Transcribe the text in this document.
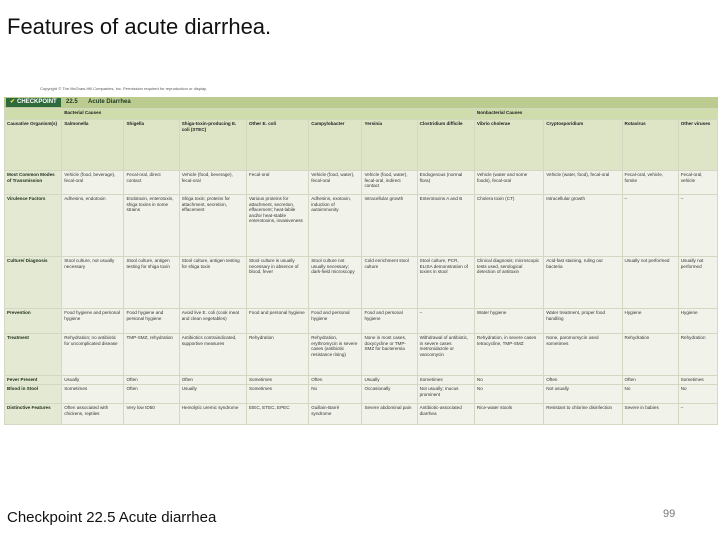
Features of acute diarrhea.
Copyright © The McGraw-Hill Companies, Inc. Permission required for reproduction or display.
✔ CHECKPOINT	22.5 Acute Diarrhea
	Bacterial Causes							Nonbacterial Causes			
Causative Organism(s)	Salmonella	Shigella	Shiga-toxin-producing E. coli (STEC)	Other E. coli	Campylobacter	Yersinia	Clostridium difficile	Vibrio cholerae	Cryptosporidium	Rotavirus	Other viruses
Most Common Modes of Transmission	Vehicle (food, beverage), fecal-oral	Fecal-oral, direct contact	Vehicle (food, beverage), fecal-oral	Fecal-oral	Vehicle (food, water), fecal-oral	Vehicle (food, water), fecal-oral, indirect contact	Endogenous (normal flora)	Vehicle (water and some foods), fecal-oral	Vehicle (water, food), fecal-oral	Fecal-oral, vehicle, fomite	Fecal-oral, vehicle
Virulence Factors	Adhesins, endotoxin	Endotoxin, enterotoxin, shiga toxins in some strains	Shiga toxin; proteins for attachment, secretion, effacement	Various proteins for attachment, secretion, effacement; heat-labile and/or heat-stable enterotoxins, invasiveness	Adhesins, exotoxin, induction of autoimmunity	Intracellular growth	Enterotoxins A and B	Cholera toxin (CT)	Intracellular growth	–	–
Culture/ Diagnosis	Stool culture, not usually necessary	Stool culture, antigen testing for shiga toxin	Stool culture, antigen testing for shiga toxin	Stool culture is usually necessary in absence of blood, fever	Stool culture not usually necessary; dark-field microscopy	Cold enrichment stool culture	Stool culture, PCR, ELISA demonstration of toxins in stool	Clinical diagnosis; microscopic tests used, serological detection of antitoxin	Acid-fast staining, ruling out bacteria	Usually not performed	Usually not performed
Prevention	Food hygiene and personal hygiene	Food hygiene and personal hygiene	Avoid live E. coli (cook meat and clean vegetables)	Food and personal hygiene	Food and personal hygiene	Food and personal hygiene	–	Water hygiene	Water treatment, proper food handling	Hygiene	Hygiene
Treatment	Rehydration; no antibiotic for uncomplicated disease	TMP-SMZ, rehydration	Antibiotics contraindicated, supportive measures	Rehydration	Rehydration, erythromycin in severe cases (antibiotic resistance rising)	None in most cases, doxycycline or TMP-SMZ for bacteremia	Withdrawal of antibiotic, in severe cases metronidazole or vancomycin	Rehydration, in severe cases tetracycline, TMP-SMZ	None, paromomycin used sometimes	Rehydration	Rehydration
Fever Present	Usually	Often	Often	Sometimes	Often	Usually	Sometimes	No	Often	Often	Sometimes
Blood in Stool	Sometimes	Often	Usually	Sometimes	No	Occasionally	Not usually; mucus prominent	No	Not usually	No	No
Distinctive Features	Often associated with chickens, reptiles	Very low ID50	Hemolytic uremic syndrome	EIEC, ETEC, EPEC	Guillain-Barré syndrome	Severe abdominal pain	Antibiotic-associated diarrhea	Rice-water stools	Resistant to chlorine disinfection	Severe in babies	–
Checkpoint 22.5 Acute diarrhea	99
